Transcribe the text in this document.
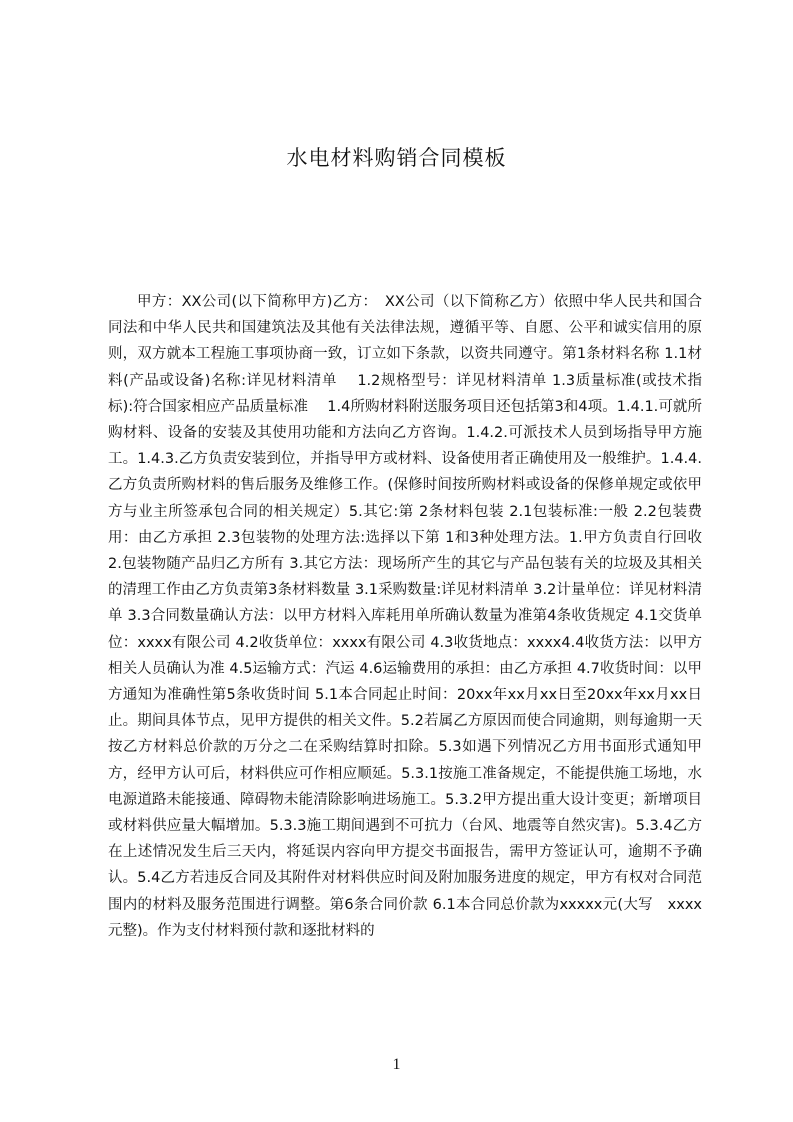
水电材料购销合同模板
甲方：XX公司(以下简称甲方)乙方：　XX公司（以下简称乙方）依照中华人民共和国合同法和中华人民共和国建筑法及其他有关法律法规，遵循平等、自愿、公平和诚实信用的原则，双方就本工程施工事项协商一致，订立如下条款，以资共同遵守。第1条材料名称 1.1材料(产品或设备)名称:详见材料清单　 1.2规格型号：详见材料清单 1.3质量标准(或技术指标):符合国家相应产品质量标准　 1.4所购材料附送服务项目还包括第3和4项。1.4.1.可就所购材料、设备的安装及其使用功能和方法向乙方咨询。1.4.2.可派技术人员到场指导甲方施工。1.4.3.乙方负责安装到位，并指导甲方或材料、设备使用者正确使用及一般维护。1.4.4.乙方负责所购材料的售后服务及维修工作。(保修时间按所购材料或设备的保修单规定或依甲方与业主所签承包合同的相关规定）5.其它:第 2条材料包装 2.1包装标准:一般 2.2包装费用：由乙方承担 2.3包装物的处理方法:选择以下第 1和3种处理方法。1.甲方负责自行回收 2.包装物随产品归乙方所有 3.其它方法：现场所产生的其它与产品包装有关的垃圾及其相关的清理工作由乙方负责第3条材料数量 3.1采购数量:详见材料清单 3.2计量单位：详见材料清单 3.3合同数量确认方法：以甲方材料入库耗用单所确认数量为准第4条收货规定 4.1交货单位：xxxx有限公司 4.2收货单位：xxxx有限公司 4.3收货地点：xxxx4.4收货方法：以甲方相关人员确认为准 4.5运输方式：汽运 4.6运输费用的承担：由乙方承担 4.7收货时间：以甲方通知为准确性第5条收货时间 5.1本合同起止时间：20xx年xx月xx日至20xx年xx月xx日止。期间具体节点，见甲方提供的相关文件。5.2若属乙方原因而使合同逾期，则每逾期一天按乙方材料总价款的万分之二在采购结算时扣除。5.3如遇下列情况乙方用书面形式通知甲方，经甲方认可后，材料供应可作相应顺延。5.3.1按施工准备规定，不能提供施工场地，水电源道路未能接通、障碍物未能清除影响进场施工。5.3.2甲方提出重大设计变更；新增项目或材料供应量大幅增加。5.3.3施工期间遇到不可抗力（台风、地震等自然灾害)。5.3.4乙方在上述情况发生后三天内，将延误内容向甲方提交书面报告，需甲方签证认可，逾期不予确认。5.4乙方若违反合同及其附件对材料供应时间及附加服务进度的规定，甲方有权对合同范围内的材料及服务范围进行调整。第6条合同价款 6.1本合同总价款为xxxxx元(大写　xxxx元整)。作为支付材料预付款和逐批材料的
1
